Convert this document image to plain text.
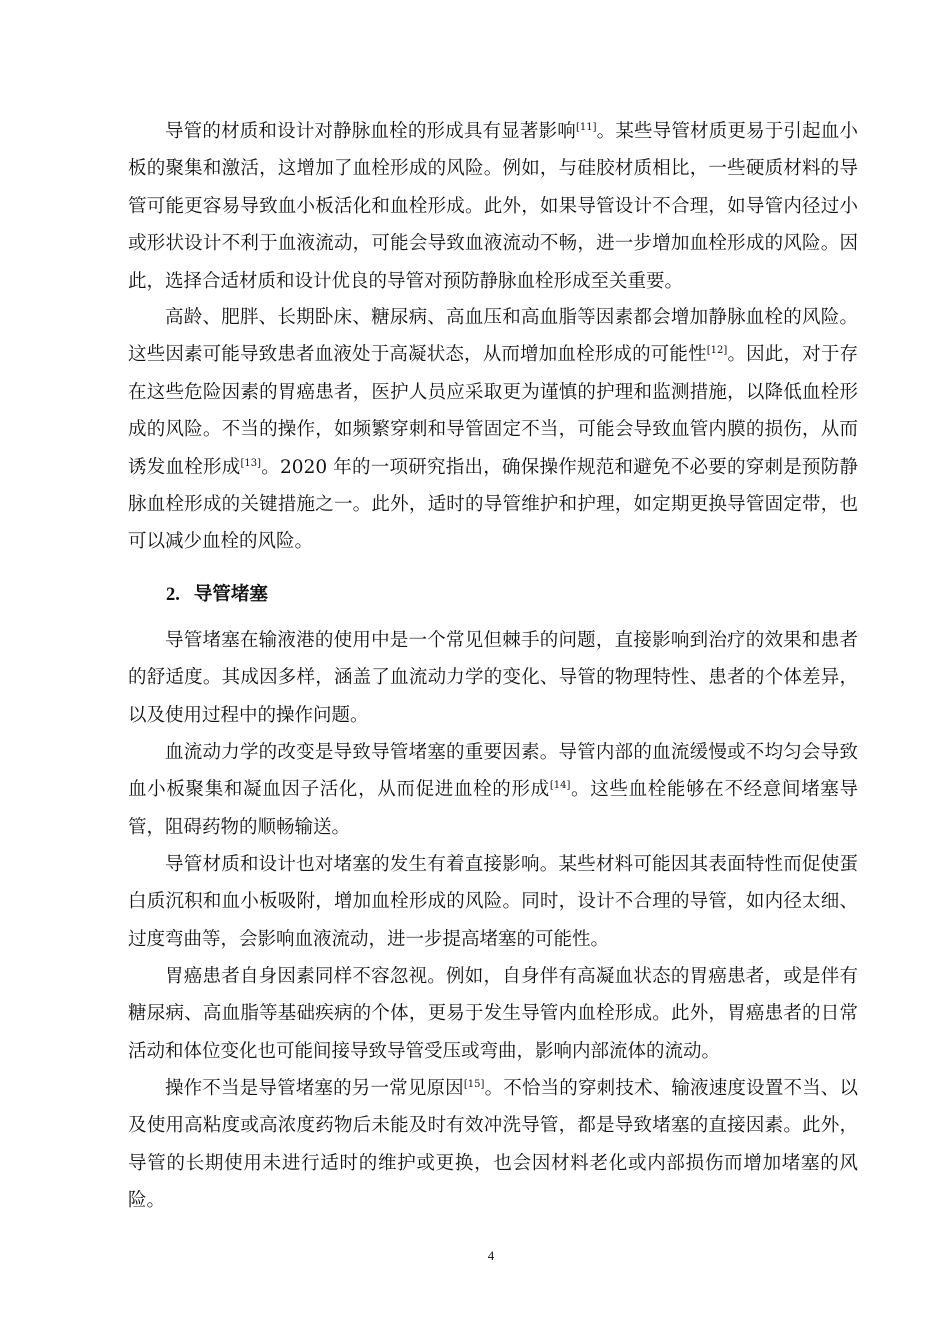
导管的材质和设计对静脉血栓的形成具有显著影响[11]。某些导管材质更易于引起血小板的聚集和激活，这增加了血栓形成的风险。例如，与硅胶材质相比，一些硬质材料的导管可能更容易导致血小板活化和血栓形成。此外，如果导管设计不合理，如导管内径过小或形状设计不利于血液流动，可能会导致血液流动不畅，进一步增加血栓形成的风险。因此，选择合适材质和设计优良的导管对预防静脉血栓形成至关重要。

高龄、肥胖、长期卧床、糖尿病、高血压和高血脂等因素都会增加静脉血栓的风险。这些因素可能导致患者血液处于高凝状态，从而增加血栓形成的可能性[12]。因此，对于存在这些危险因素的胃癌患者，医护人员应采取更为谨慎的护理和监测措施，以降低血栓形成的风险。不当的操作，如频繁穿刺和导管固定不当，可能会导致血管内膜的损伤，从而诱发血栓形成[13]。2020 年的一项研究指出，确保操作规范和避免不必要的穿刺是预防静脉血栓形成的关键措施之一。此外，适时的导管维护和护理，如定期更换导管固定带，也可以减少血栓的风险。

2. 导管堵塞

导管堵塞在输液港的使用中是一个常见但棘手的问题，直接影响到治疗的效果和患者的舒适度。其成因多样，涵盖了血流动力学的变化、导管的物理特性、患者的个体差异，以及使用过程中的操作问题。

血流动力学的改变是导致导管堵塞的重要因素。导管内部的血流缓慢或不均匀会导致血小板聚集和凝血因子活化，从而促进血栓的形成[14]。这些血栓能够在不经意间堵塞导管，阻碍药物的顺畅输送。

导管材质和设计也对堵塞的发生有着直接影响。某些材料可能因其表面特性而促使蛋白质沉积和血小板吸附，增加血栓形成的风险。同时，设计不合理的导管，如内径太细、过度弯曲等，会影响血液流动，进一步提高堵塞的可能性。

胃癌患者自身因素同样不容忽视。例如，自身伴有高凝血状态的胃癌患者，或是伴有糖尿病、高血脂等基础疾病的个体，更易于发生导管内血栓形成。此外，胃癌患者的日常活动和体位变化也可能间接导致导管受压或弯曲，影响内部流体的流动。

操作不当是导管堵塞的另一常见原因[15]。不恰当的穿刺技术、输液速度设置不当、以及使用高粘度或高浓度药物后未能及时有效冲洗导管，都是导致堵塞的直接因素。此外，导管的长期使用未进行适时的维护或更换，也会因材料老化或内部损伤而增加堵塞的风险。

4
